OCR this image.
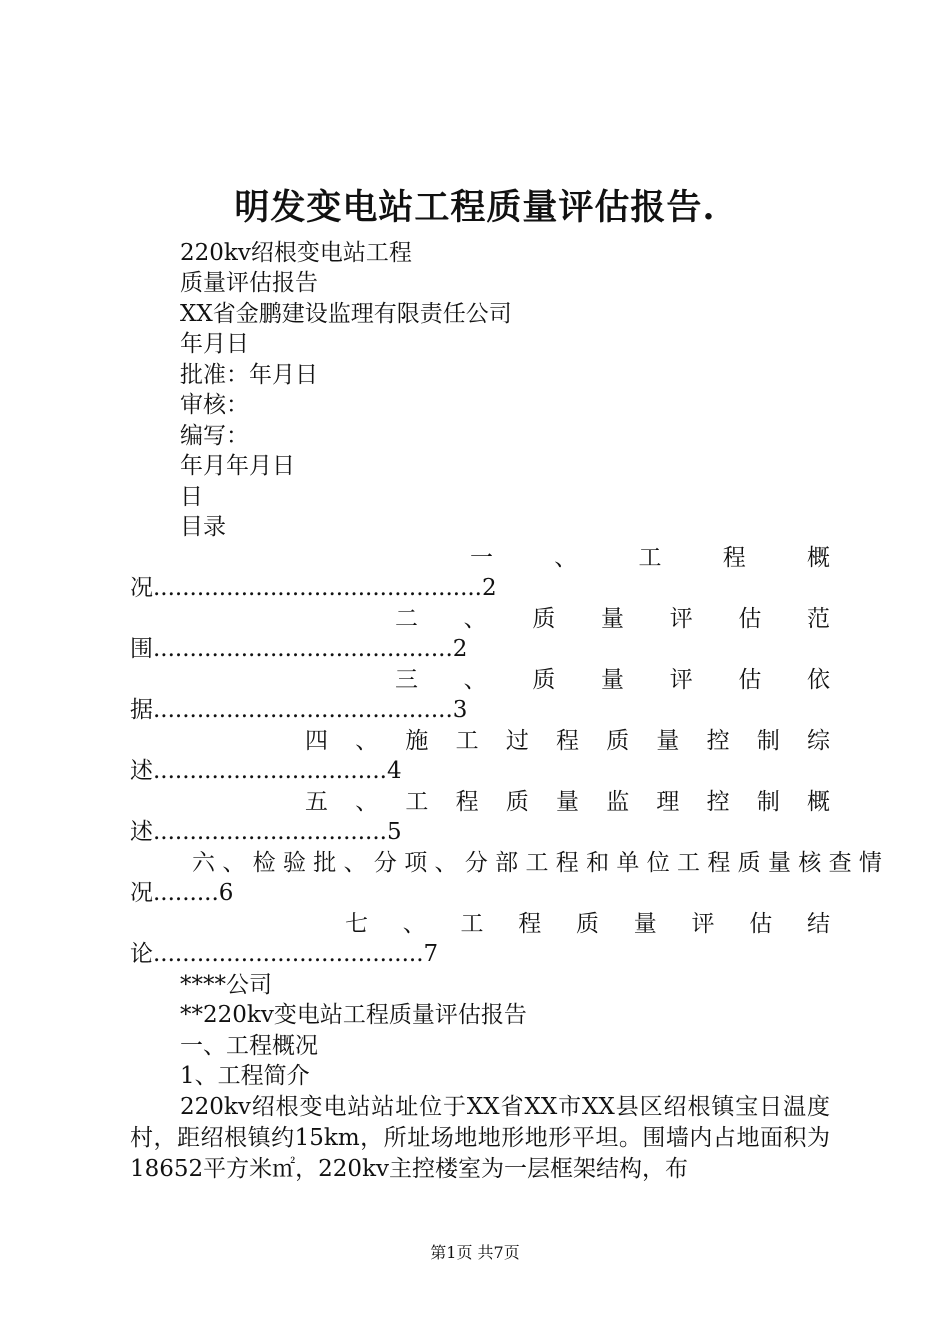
明发变电站工程质量评估报告.
220kv绍根变电站工程
质量评估报告
XX省金鹏建设监理有限责任公司
年月日
批准：年月日
审核：
编写：
年月年月日
日
目录
一	、	工	程	概
况.............................................2
二 、 质 量 评 估 范
围.........................................2
三 、 质 量 评 估 依
据.........................................3
四 、 施 工 过 程 质 量 控 制 综
述................................4
五 、 工 程 质 量 监 理 控 制 概
述................................5
六 、 检 验 批 、 分 项 、 分 部 工 程 和 单 位 工 程 质 量 核 查 情
况.........6
七 、 工 程 质 量 评 估 结
论.....................................7
****公司
**220kv变电站工程质量评估报告
一、工程概况
1、工程简介
220kv绍根变电站站址位于XX省XX市XX县区绍根镇宝日温度村，距绍根镇约15km，所址场地地形地形平坦。围墙内占地面积为18652平方米㎡，220kv主控楼室为一层框架结构，布
第1页 共7页
